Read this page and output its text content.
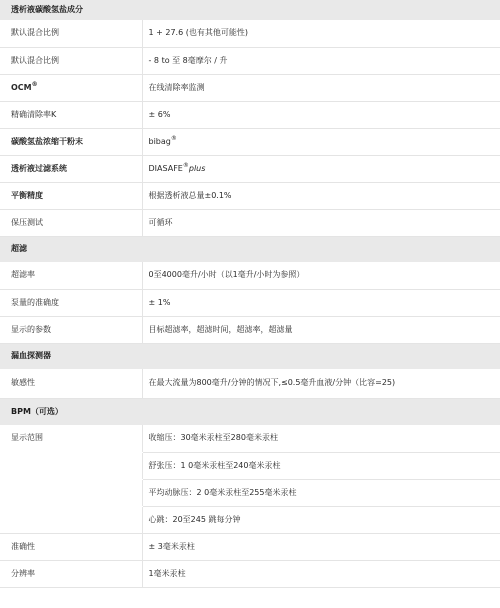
透析液碳酸氢盐成分	
默认混合比例	1 + 27.6 (也有其他可能性)
默认混合比例	- 8 to 至 8毫摩尔 / 升
OCM®	在线清除率监测
精确清除率K	± 6%
碳酸氢盐浓缩干粉末	bibag®
透析液过滤系统	DIASAFE®plus
平衡精度	根据透析液总量±0.1%
保压测试	可循环
超滤	
超滤率	0至4000毫升/小时（以1毫升/小时为参照）
泵量的准确度	± 1%
显示的参数	目标超滤率，超滤时间，超滤率，超滤量
漏血探测器	
敏感性	在最大流量为800毫升/分钟的情况下,≤0.5毫升血液/分钟（比容=25)
BPM（可选）	
显示范围	收缩压：30毫米汞柱至280毫米汞柱
	舒张压：1 0毫米汞柱至240毫米汞柱
	平均动脉压：2 0毫米汞柱至255毫米汞柱
	心跳：20至245 跳每分钟
准确性	± 3毫米汞柱
分辨率	1毫米汞柱
